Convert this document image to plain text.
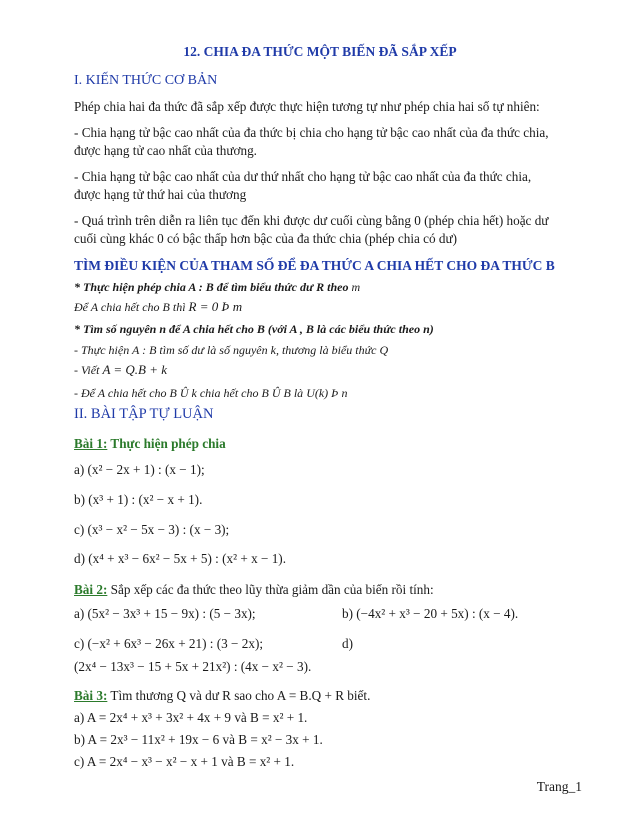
12. CHIA ĐA THỨC MỘT BIẾN ĐÃ SẮP XẾP
I. KIẾN THỨC CƠ BẢN
Phép chia hai đa thức đã sắp xếp được thực hiện tương tự như phép chia hai số tự nhiên:
- Chia hạng tử bậc cao nhất của đa thức bị chia cho hạng tử bậc cao nhất của đa thức chia,
được hạng tử cao nhất của thương.
- Chia hạng tử bậc cao nhất của dư thứ nhất cho hạng tử bậc cao nhất của đa thức chia,
được hạng tử thứ hai của thương
- Quá trình trên diễn ra liên tục đến khi được dư cuối cùng bằng 0 (phép chia hết) hoặc dư
cuối cùng khác 0 có bậc thấp hơn bậc của đa thức chia (phép chia có dư)
TÌM ĐIỀU KIỆN CỦA THAM SỐ ĐỂ ĐA THỨC A CHIA HẾT CHO ĐA THỨC B
* Thực hiện phép chia A : B để tìm biểu thức dư R theo m
Để A chia hết cho B thì R = 0 Þ m
* Tìm số nguyên n để A chia hết cho B (với A , B là các biểu thức theo n)
- Thực hiện A : B tìm số dư là số nguyên k, thương là biểu thức Q
- Viết A = Q.B + k
- Để A chia hết cho B Û k chia hết cho B Û B là U(k) Þ n
II. BÀI TẬP TỰ LUẬN
Bài 1: Thực hiện phép chia
a) (x² − 2x + 1) : (x − 1);
b) (x³ + 1) : (x² − x + 1).
c) (x³ − x² − 5x − 3) : (x − 3);
d) (x⁴ + x³ − 6x² − 5x + 5) : (x² + x − 1).
Bài 2: Sắp xếp các đa thức theo lũy thừa giảm dần của biến rồi tính:
a) (5x² − 3x³ + 15 − 9x) : (5 − 3x);	b) (−4x² + x³ − 20 + 5x) : (x − 4).
c) (−x² + 6x³ − 26x + 21) : (3 − 2x);	d)
(2x⁴ − 13x³ − 15 + 5x + 21x²) : (4x − x² − 3).
Bài 3: Tìm thương Q và dư R sao cho A = B.Q + R biết.
a) A = 2x⁴ + x³ + 3x² + 4x + 9 và B = x² + 1.
b) A = 2x³ − 11x² + 19x − 6 và B = x² − 3x + 1.
c) A = 2x⁴ − x³ − x² − x + 1 và B = x² + 1.
Trang_1
